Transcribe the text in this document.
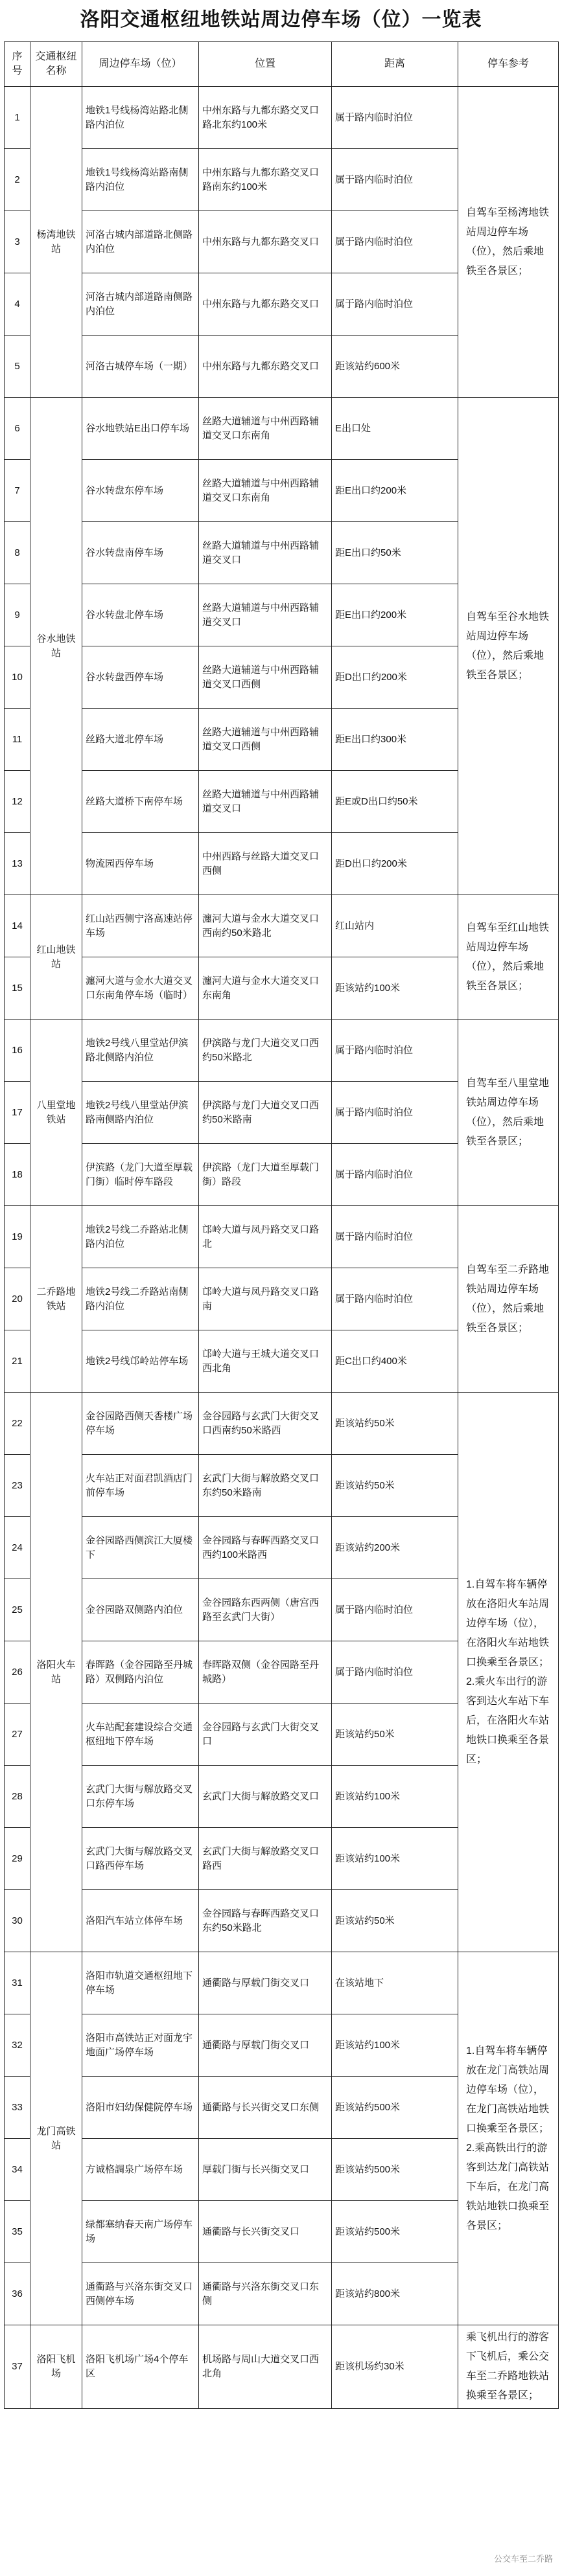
洛阳交通枢纽地铁站周边停车场（位）一览表
序号	交通枢纽名称	周边停车场（位）	位置	距离	停车参考
1	杨湾地铁站	地铁1号线杨湾站路北侧路内泊位	中州东路与九都东路交叉口路北东约100米	属于路内临时泊位	自驾车至杨湾地铁站周边停车场（位），然后乘地铁至各景区；
2		地铁1号线杨湾站路南侧路内泊位	中州东路与九都东路交叉口路南东约100米	属于路内临时泊位	
3		河洛古城内部道路北侧路内泊位	中州东路与九都东路交叉口	属于路内临时泊位	
4		河洛古城内部道路南侧路内泊位	中州东路与九都东路交叉口	属于路内临时泊位	
5		河洛古城停车场（一期）	中州东路与九都东路交叉口	距该站约600米	
6	谷水地铁站	谷水地铁站E出口停车场	丝路大道辅道与中州西路辅道交叉口东南角	E出口处	自驾车至谷水地铁站周边停车场（位），然后乘地铁至各景区；
7		谷水转盘东停车场	丝路大道辅道与中州西路辅道交叉口东南角	距E出口约200米	
8		谷水转盘南停车场	丝路大道辅道与中州西路辅道交叉口	距E出口约50米	
9		谷水转盘北停车场	丝路大道辅道与中州西路辅道交叉口	距E出口约200米	
10		谷水转盘西停车场	丝路大道辅道与中州西路辅道交叉口西侧	距D出口约200米	
11		丝路大道北停车场	丝路大道辅道与中州西路辅道交叉口西侧	距E出口约300米	
12		丝路大道桥下南停车场	丝路大道辅道与中州西路辅道交叉口	距E或D出口约50米	
13		物流园西停车场	中州西路与丝路大道交叉口西侧	距D出口约200米	
14	红山地铁站	红山站西侧宁洛高速站停车场	瀍河大道与金水大道交叉口西南约50米路北	红山站内	自驾车至红山地铁站周边停车场（位），然后乘地铁至各景区；
15		瀍河大道与金水大道交叉口东南角停车场（临时）	瀍河大道与金水大道交叉口东南角	距该站约100米	
16	八里堂地铁站	地铁2号线八里堂站伊滨路北侧路内泊位	伊滨路与龙门大道交叉口西约50米路北	属于路内临时泊位	自驾车至八里堂地铁站周边停车场（位），然后乘地铁至各景区；
17		地铁2号线八里堂站伊滨路南侧路内泊位	伊滨路与龙门大道交叉口西约50米路南	属于路内临时泊位	
18		伊滨路（龙门大道至厚载门街）临时停车路段	伊滨路（龙门大道至厚载门街）路段	属于路内临时泊位	
19	二乔路地铁站	地铁2号线二乔路站北侧路内泊位	邙岭大道与凤丹路交叉口路北	属于路内临时泊位	自驾车至二乔路地铁站周边停车场（位），然后乘地铁至各景区；
20		地铁2号线二乔路站南侧路内泊位	邙岭大道与凤丹路交叉口路南	属于路内临时泊位	
21		地铁2号线邙岭站停车场	邙岭大道与王城大道交叉口西北角	距C出口约400米	
22	洛阳火车站	金谷园路西侧天香楼广场停车场	金谷园路与玄武门大街交叉口西南约50米路西	距该站约50米	1.自驾车将车辆停放在洛阳火车站周边停车场（位），在洛阳火车站地铁口换乘至各景区；2.乘火车出行的游客到达火车站下车后，在洛阳火车站地铁口换乘至各景区；
23		火车站正对面君凯酒店门前停车场	玄武门大街与解放路交叉口东约50米路南	距该站约50米	
24		金谷园路西侧滨江大厦楼下	金谷园路与春晖西路交叉口西约100米路西	距该站约200米	
25		金谷园路双侧路内泊位	金谷园路东西两侧（唐宫西路至玄武门大街）	属于路内临时泊位	
26		春晖路（金谷园路至丹城路）双侧路内泊位	春晖路双侧（金谷园路至丹城路）	属于路内临时泊位	
27		火车站配套建设综合交通枢纽地下停车场	金谷园路与玄武门大街交叉口	距该站约50米	
28		玄武门大街与解放路交叉口东停车场	玄武门大街与解放路交叉口	距该站约100米	
29		玄武门大街与解放路交叉口路西停车场	玄武门大街与解放路交叉口路西	距该站约100米	
30		洛阳汽车站立体停车场	金谷园路与春晖西路交叉口东约50米路北	距该站约50米	
31	龙门高铁站	洛阳市轨道交通枢纽地下停车场	通衢路与厚载门街交叉口	在该站地下	1.自驾车将车辆停放在龙门高铁站周边停车场（位），在龙门高铁站地铁口换乘至各景区；2.乘高铁出行的游客到达龙门高铁站下车后，在龙门高铁站地铁口换乘至各景区；
32		洛阳市高铁站正对面龙宇地面广场停车场	通衢路与厚载门街交叉口	距该站约100米	
33		洛阳市妇幼保健院停车场	通衢路与长兴街交叉口东侧	距该站约500米	
34		方诚格調泉广场停车场	厚载门街与长兴街交叉口	距该站约500米	
35		绿都塞纳春天南广场停车场	通衢路与长兴街交叉口	距该站约500米	
36		通衢路与兴洛东街交叉口西侧停车场	通衢路与兴洛东街交叉口东侧	距该站约800米	
37	洛阳飞机场	洛阳飞机场广场4个停车区	机场路与周山大道交叉口西北角	距该机场约30米	乘飞机出行的游客下飞机后，乘公交车至二乔路地铁站换乘至各景区；
公交车至二乔路
